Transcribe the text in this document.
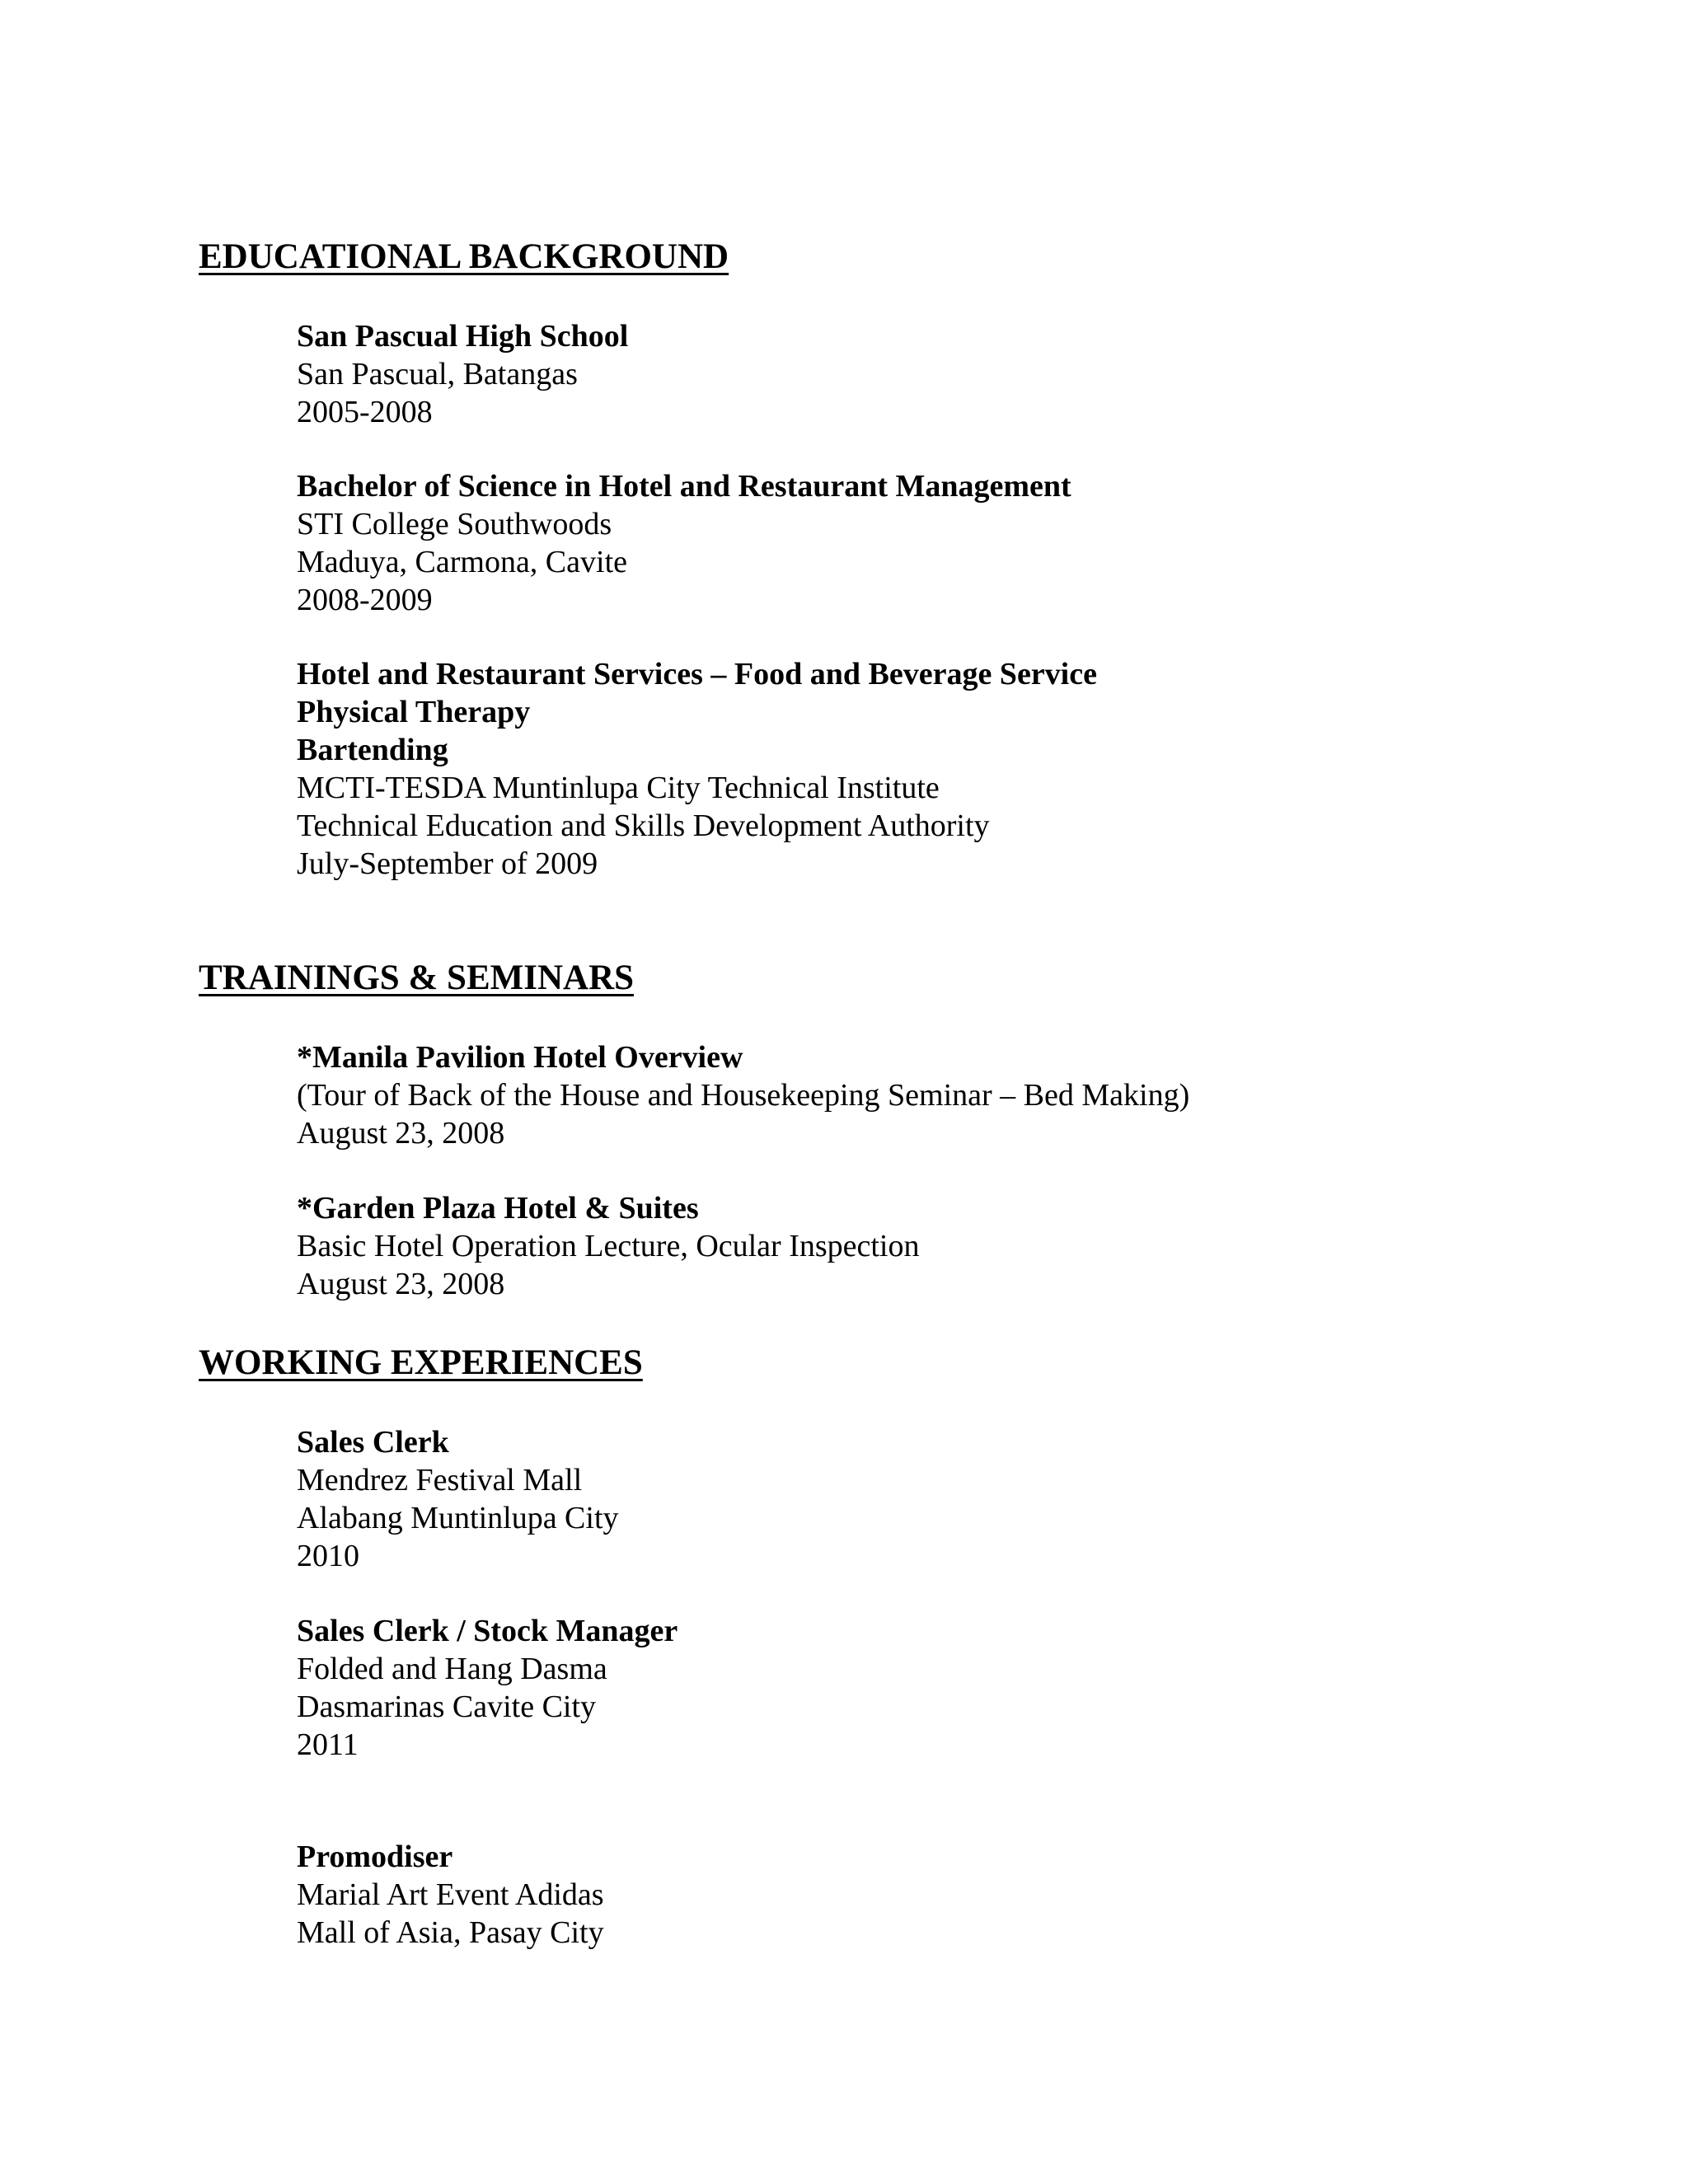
EDUCATIONAL BACKGROUND
San Pascual High School
San Pascual, Batangas
2005-2008
Bachelor of Science in Hotel and Restaurant Management
STI College Southwoods
Maduya, Carmona, Cavite
2008-2009
Hotel and Restaurant Services – Food and Beverage Service
Physical Therapy
Bartending
MCTI-TESDA Muntinlupa City Technical Institute
Technical Education and Skills Development Authority
July-September of 2009
TRAININGS & SEMINARS
*Manila Pavilion Hotel Overview
(Tour of Back of the House and Housekeeping Seminar – Bed Making)
August 23, 2008
*Garden Plaza Hotel & Suites
Basic Hotel Operation Lecture, Ocular Inspection
August 23, 2008
WORKING EXPERIENCES
Sales Clerk
Mendrez Festival Mall
Alabang Muntinlupa City
2010
Sales Clerk / Stock Manager
Folded and Hang Dasma
Dasmarinas Cavite City
2011
Promodiser
Marial Art Event Adidas
Mall of Asia, Pasay City
